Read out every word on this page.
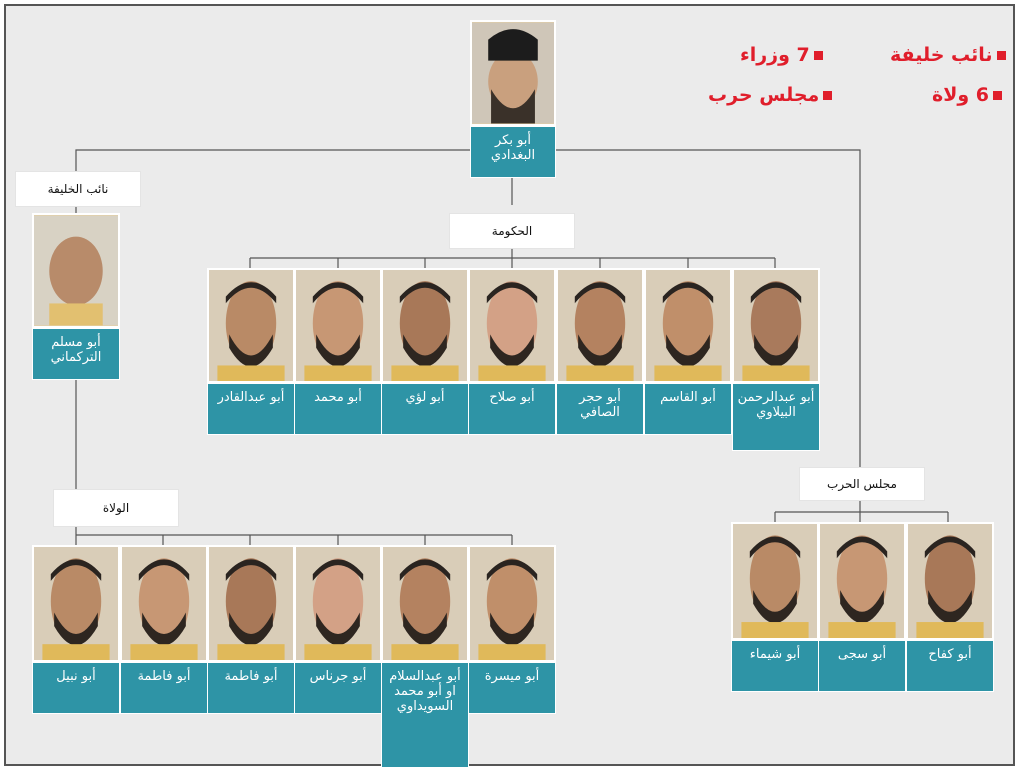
نائب خليفة
7 وزراء
6 ولاة
مجلس حرب
أبو بكر البغدادي
نائب الخليفة
أبو مسلم التركماني
الحكومة
أبو عبدالقادر	أبو محمد	أبو لؤي	أبو صلاح	أبو حجر الصافي
أبو القاسم	أبو عبدالرحمن البيلاوي
الولاة
أبو نبيل	أبو فاطمة	أبو فاطمة	أبو جرناس	أبو عبدالسلام او أبو محمد السويداوي
أبو ميسرة
مجلس الحرب
أبو شيماء	أبو سجى	أبو كفاح
